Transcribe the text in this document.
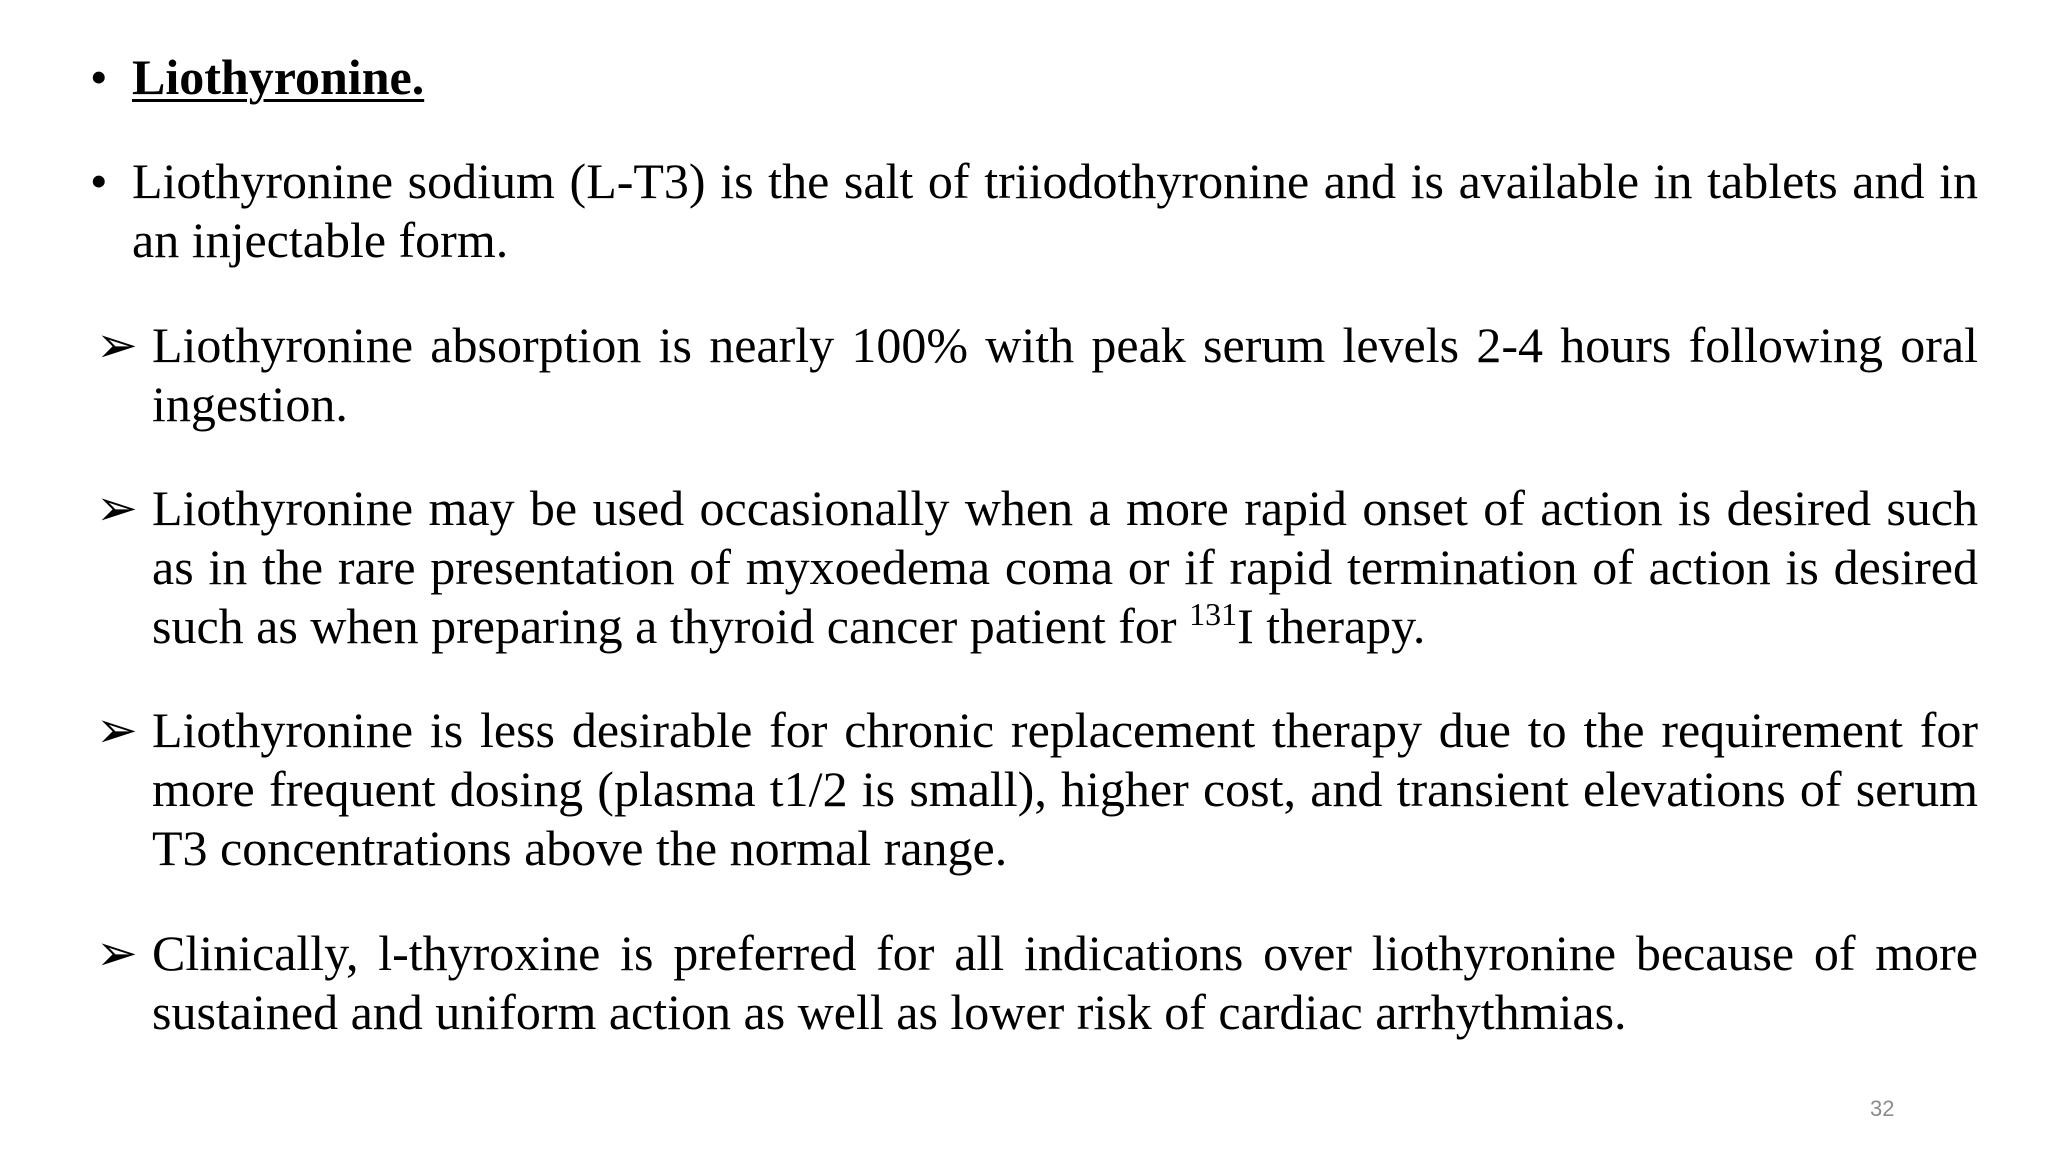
• Liothyronine.
• Liothyronine sodium (L-T3) is the salt of triiodothyronine and is available in tablets and in an injectable form.
➢ Liothyronine absorption is nearly 100% with peak serum levels 2-4 hours following oral ingestion.
➢ Liothyronine may be used occasionally when a more rapid onset of action is desired such as in the rare presentation of myxoedema coma or if rapid termination of action is desired such as when preparing a thyroid cancer patient for $^{131}$I therapy.
➢ Liothyronine is less desirable for chronic replacement therapy due to the requirement for more frequent dosing (plasma t1/2 is small), higher cost, and transient elevations of serum T3 concentrations above the normal range.
➢ Clinically, l-thyroxine is preferred for all indications over liothyronine because of more sustained and uniform action as well as lower risk of cardiac arrhythmias.
32
